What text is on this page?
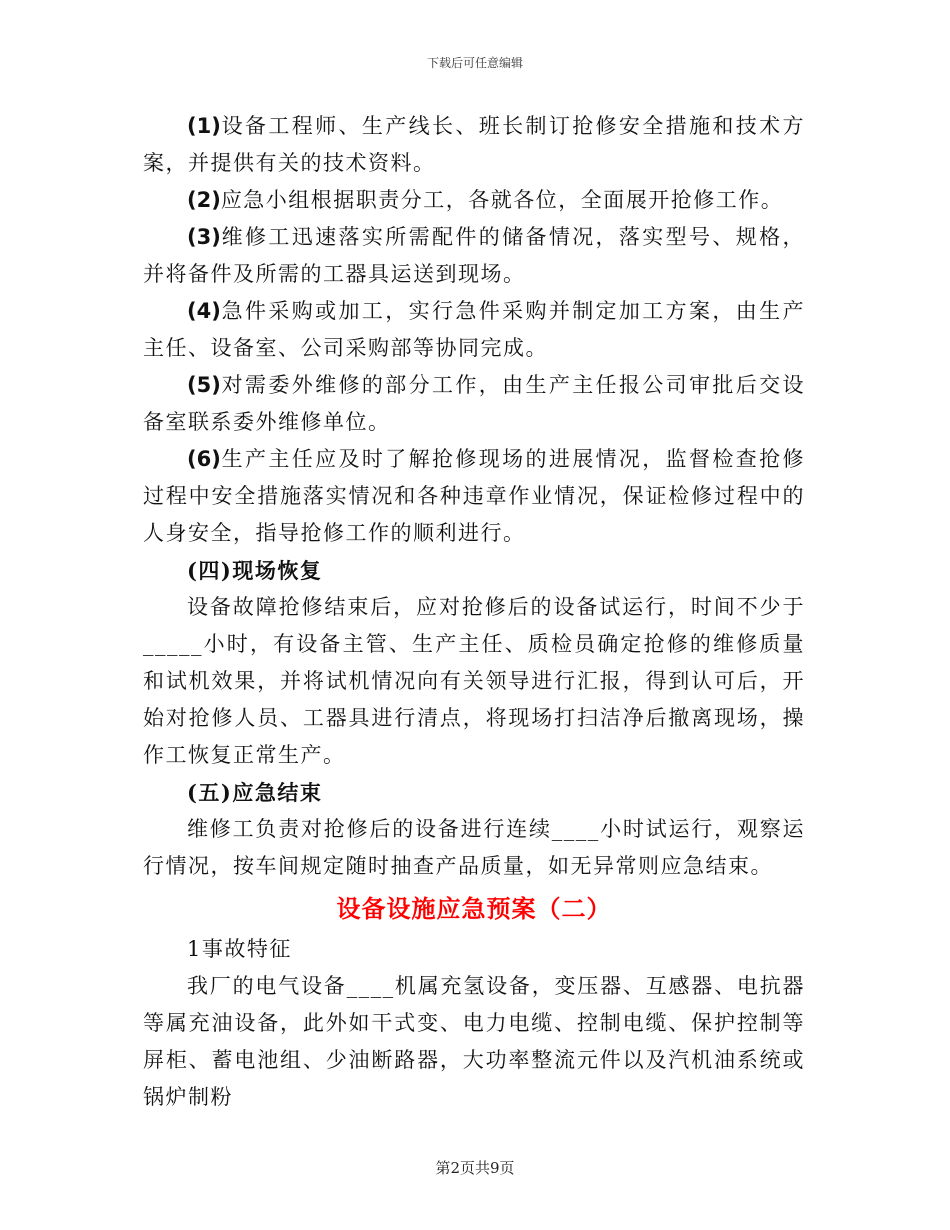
下载后可任意编辑

(1)设备工程师、生产线长、班长制订抢修安全措施和技术方案，并提供有关的技术资料。

(2)应急小组根据职责分工，各就各位，全面展开抢修工作。

(3)维修工迅速落实所需配件的储备情况，落实型号、规格，并将备件及所需的工器具运送到现场。

(4)急件采购或加工，实行急件采购并制定加工方案，由生产主任、设备室、公司采购部等协同完成。

(5)对需委外维修的部分工作，由生产主任报公司审批后交设备室联系委外维修单位。

(6)生产主任应及时了解抢修现场的进展情况，监督检查抢修过程中安全措施落实情况和各种违章作业情况，保证检修过程中的人身安全，指导抢修工作的顺利进行。

(四)现场恢复

设备故障抢修结束后，应对抢修后的设备试运行，时间不少于_____小时，有设备主管、生产主任、质检员确定抢修的维修质量和试机效果，并将试机情况向有关领导进行汇报，得到认可后，开始对抢修人员、工器具进行清点，将现场打扫洁净后撤离现场，操作工恢复正常生产。

(五)应急结束

维修工负责对抢修后的设备进行连续____小时试运行，观察运行情况，按车间规定随时抽查产品质量，如无异常则应急结束。

设备设施应急预案（二）

1事故特征

我厂的电气设备____机属充氢设备，变压器、互感器、电抗器等属充油设备，此外如干式变、电力电缆、控制电缆、保护控制等屏柜、蓄电池组、少油断路器，大功率整流元件以及汽机油系统或锅炉制粉

第2页共9页
